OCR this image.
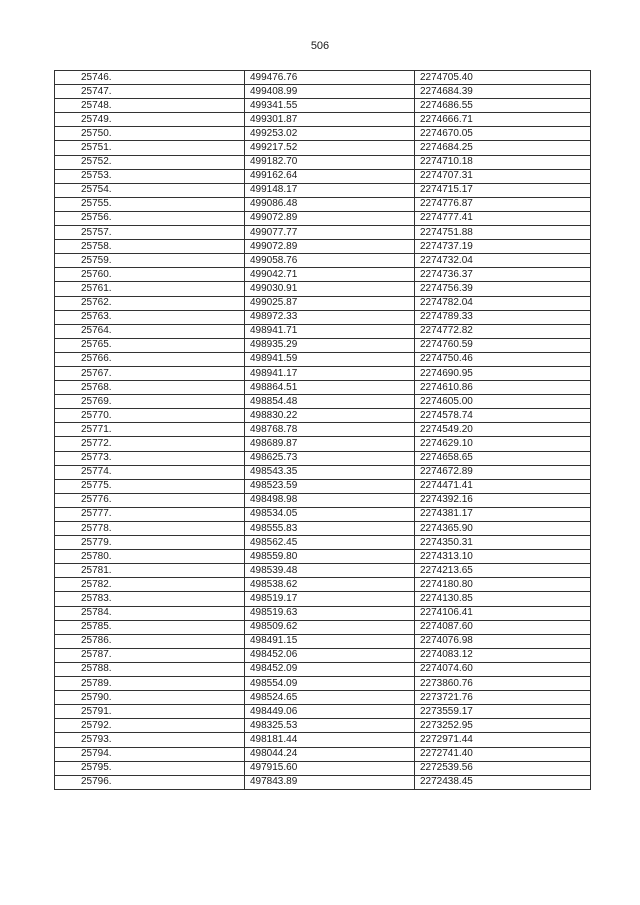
506
25746.	499476.76	2274705.40
25747.	499408.99	2274684.39
25748.	499341.55	2274686.55
25749.	499301.87	2274666.71
25750.	499253.02	2274670.05
25751.	499217.52	2274684.25
25752.	499182.70	2274710.18
25753.	499162.64	2274707.31
25754.	499148.17	2274715.17
25755.	499086.48	2274776.87
25756.	499072.89	2274777.41
25757.	499077.77	2274751.88
25758.	499072.89	2274737.19
25759.	499058.76	2274732.04
25760.	499042.71	2274736.37
25761.	499030.91	2274756.39
25762.	499025.87	2274782.04
25763.	498972.33	2274789.33
25764.	498941.71	2274772.82
25765.	498935.29	2274760.59
25766.	498941.59	2274750.46
25767.	498941.17	2274690.95
25768.	498864.51	2274610.86
25769.	498854.48	2274605.00
25770.	498830.22	2274578.74
25771.	498768.78	2274549.20
25772.	498689.87	2274629.10
25773.	498625.73	2274658.65
25774.	498543.35	2274672.89
25775.	498523.59	2274471.41
25776.	498498.98	2274392.16
25777.	498534.05	2274381.17
25778.	498555.83	2274365.90
25779.	498562.45	2274350.31
25780.	498559.80	2274313.10
25781.	498539.48	2274213.65
25782.	498538.62	2274180.80
25783.	498519.17	2274130.85
25784.	498519.63	2274106.41
25785.	498509.62	2274087.60
25786.	498491.15	2274076.98
25787.	498452.06	2274083.12
25788.	498452.09	2274074.60
25789.	498554.09	2273860.76
25790.	498524.65	2273721.76
25791.	498449.06	2273559.17
25792.	498325.53	2273252.95
25793.	498181.44	2272971.44
25794.	498044.24	2272741.40
25795.	497915.60	2272539.56
25796.	497843.89	2272438.45
